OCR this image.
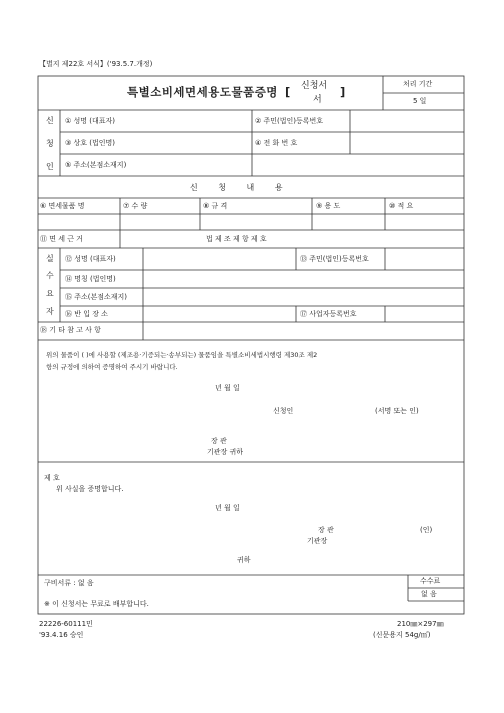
【별지 제22호 서식】('93.5.7.개정)
특별소비세면세용도물품증명 [ 신청서
서
]
처리 기간
5 일
신
청
인
① 성명 (대표자)	② 주민(법인)등록번호
③ 상호 (법인명)	④ 전 화 번 호
⑤ 주소(본점소재지)
신 청 내 용
⑥ 면세물품 명	⑦ 수 량	⑧ 규 격	⑨ 용 도	⑩ 적 요
⑪ 면 세 근 거	법 제 조 제 항 제 호
실
수
요
자
⑫ 성명 (대표자)	⑬ 주민(법인)등록번호
⑭ 명칭 (법인명)
⑮ 주소(본점소재지)
⑯ 반 입 장 소	⑰ 사업자등록번호
⑱ 기 타 참 고 사 항
위의 물품이 ( )에 사용할 (제조용·기증되는·송부되는) 물품임을 특별소비세법시행령 제30조 제2
항의 규정에 의하여 증명하여 주시기 바랍니다.
년 월 일
신청인	(서명 또는 인)
장 관
기관장 귀하
제 호
위 사실을 증명합니다.
년 월 일
장 관
기관장
(인)
귀하
구비서류 : 없 음
※ 이 신청서는 무료로 배부합니다.
수수료
없 음
22226-60111민
'93.4.16 승인
210㎜×297㎜
(신문용지 54g/㎡)
